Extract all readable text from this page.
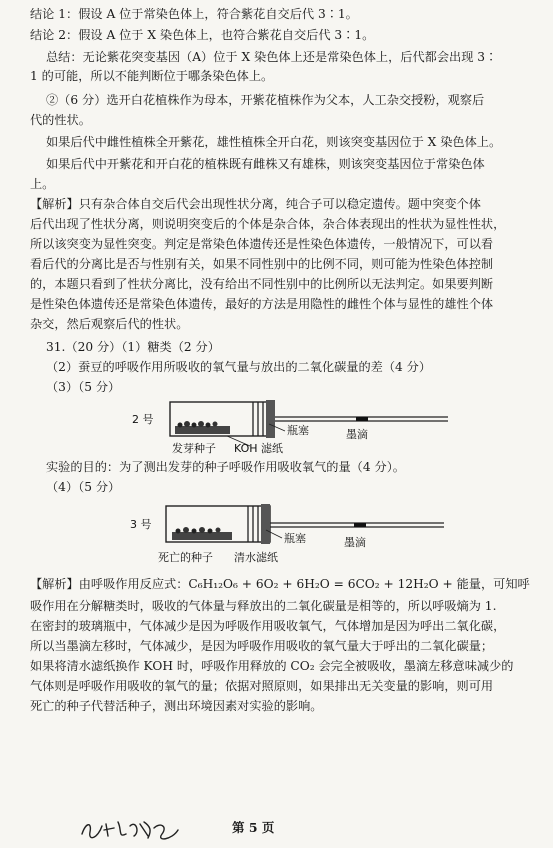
结论 1：假设 A 位于常染色体上，符合紫花自交后代 3∶1。
结论 2：假设 A 位于 X 染色体上，也符合紫花自交后代 3∶1。
总结：无论紫花突变基因（A）位于 X 染色体上还是常染色体上，后代都会出现 3∶
1 的可能，所以不能判断位于哪条染色体上。
②（6 分）选开白花植株作为母本，开紫花植株作为父本，人工杂交授粉，观察后
代的性状。
如果后代中雌性植株全开紫花，雄性植株全开白花，则该突变基因位于 X 染色体上。
如果后代中开紫花和开白花的植株既有雌株又有雄株，则该突变基因位于常染色体
上。
【解析】只有杂合体自交后代会出现性状分离，纯合子可以稳定遗传。题中突变个体
后代出现了性状分离，则说明突变后的个体是杂合体，杂合体表现出的性状为显性性状，
所以该突变为显性突变。判定是常染色体遗传还是性染色体遗传，一般情况下，可以看
看后代的分离比是否与性别有关，如果不同性别中的比例不同，则可能为性染色体控制
的，本题只看到了性状分离比，没有给出不同性别中的比例所以无法判定。如果要判断
是性染色体遗传还是常染色体遗传，最好的方法是用隐性的雌性个体与显性的雄性个体
杂交，然后观察后代的性状。
31.（20 分）（1）糖类（2 分）
（2）蚕豆的呼吸作用所吸收的氧气量与放出的二氧化碳量的差（4 分）
（3）（5 分）
2 号
瓶塞	墨滴
发芽种子 KOH 滤纸
实验的目的：为了测出发芽的种子呼吸作用吸收氧气的量（4 分）。
（4）（5 分）
3 号
瓶塞	墨滴
死亡的种子 清水滤纸
【解析】由呼吸作用反应式：C₆H₁₂O₆ + 6O₂ + 6H₂O = 6CO₂ + 12H₂O + 能量，可知呼
吸作用在分解糖类时，吸收的气体量与释放出的二氧化碳量是相等的，所以呼吸熵为 1.
在密封的玻璃瓶中，气体减少是因为呼吸作用吸收氧气，气体增加是因为呼出二氧化碳，
所以当墨滴左移时，气体减少，是因为呼吸作用吸收的氧气量大于呼出的二氧化碳量；
如果将清水滤纸换作 KOH 时，呼吸作用释放的 CO₂ 会完全被吸收，墨滴左移意味减少的
气体则是呼吸作用吸收的氧气的量；依据对照原则，如果排出无关变量的影响，则可用
死亡的种子代替活种子，测出环境因素对实验的影响。
第 5 页
